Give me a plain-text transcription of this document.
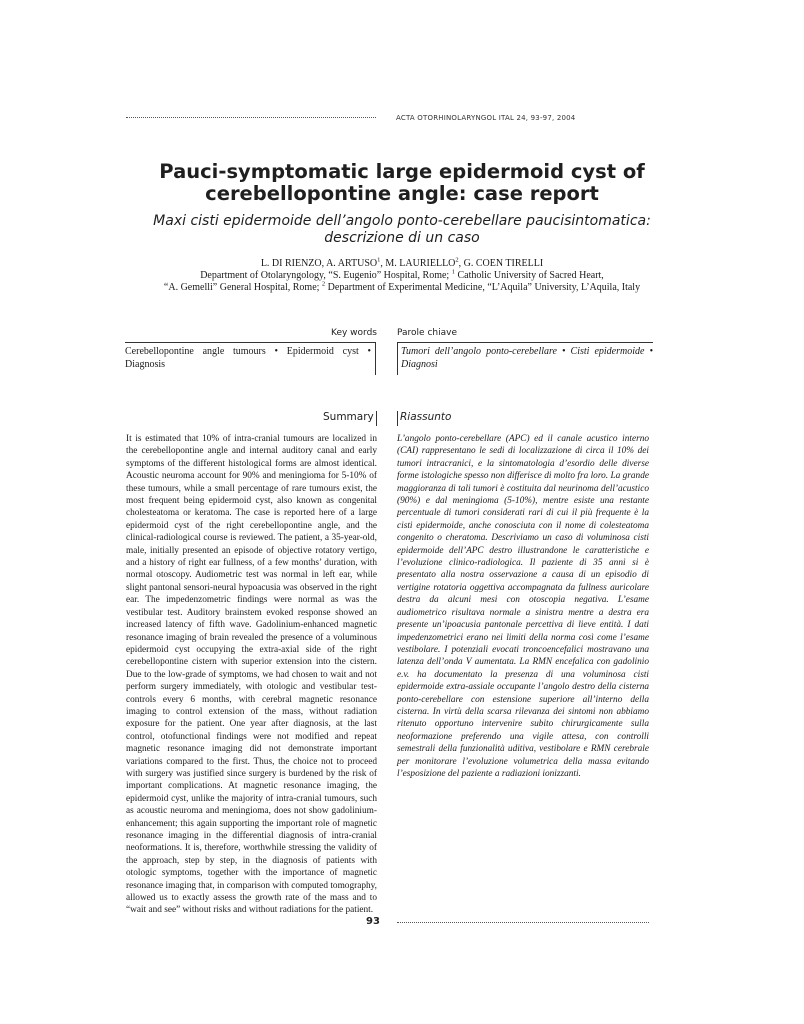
ACTA OTORHINOLARYNGOL ITAL 24, 93-97, 2004
Pauci-symptomatic large epidermoid cyst of
cerebellopontine angle: case report
Maxi cisti epidermoide dell’angolo ponto-cerebellare paucisintomatica:
descrizione di un caso
L. DI RIENZO, A. ARTUSO$^1$, M. LAURIELLO$^2$, G. COEN TIRELLI
Department of Otolaryngology, “S. Eugenio” Hospital, Rome; $^1$ Catholic University of Sacred Heart,
“A. Gemelli” General Hospital, Rome; $^2$ Department of Experimental Medicine, “L’Aquila” University, L’Aquila, Italy
Key words Parole chiave
Cerebellopontine angle tumours • Epidermoid cyst • Diagnosis
Tumori dell’angolo ponto-cerebellare • Cisti epidermoide • Diagnosi
Summary	Riassunto

It is estimated that 10% of intra-cranial tumours are localized in the cerebellopontine angle and internal auditory canal and early symptoms of the different histological forms are almost identical. Acoustic neuroma account for 90% and meningioma for 5-10% of these tumours, while a small percentage of rare tumours exist, the most frequent being epidermoid cyst, also known as congenital cholesteatoma or keratoma. The case is reported here of a large epidermoid cyst of the right cerebellopontine angle, and the clinical-radiological course is reviewed. The patient, a 35-year-old, male, initially presented an episode of objective rotatory vertigo, and a history of right ear fullness, of a few months’ duration, with normal otoscopy. Audiometric test was normal in left ear, while slight pantonal sensori-neural hypoacusia was observed in the right ear. The impedenzometric findings were normal as was the vestibular test. Auditory brainstem evoked response showed an increased latency of fifth wave. Gadolinium-enhanced magnetic resonance imaging of brain revealed the presence of a voluminous epidermoid cyst occupying the extra-axial side of the right cerebellopontine cistern with superior extension into the cistern. Due to the low-grade of symptoms, we had chosen to wait and not perform surgery immediately, with otologic and vestibular test-controls every 6 months, with cerebral magnetic resonance imaging to control extension of the mass, without radiation exposure for the patient. One year after diagnosis, at the last control, otofunctional findings were not modified and repeat magnetic resonance imaging did not demonstrate important variations compared to the first. Thus, the choice not to proceed with surgery was justified since surgery is burdened by the risk of important complications. At magnetic resonance imaging, the epidermoid cyst, unlike the majority of intra-cranial tumours, such as acoustic neuroma and meningioma, does not show gadolinium-enhancement; this again supporting the important role of magnetic resonance imaging in the differential diagnosis of intra-cranial neoformations. It is, therefore, worthwhile stressing the validity of the approach, step by step, in the diagnosis of patients with otologic symptoms, together with the importance of magnetic resonance imaging that, in comparison with computed tomography, allowed us to exactly assess the growth rate of the mass and to “wait and see” without risks and without radiations for the patient.

L’angolo ponto-cerebellare (APC) ed il canale acustico interno (CAI) rappresentano le sedi di localizzazione di circa il 10% dei tumori intracranici, e la sintomatologia d’esordio delle diverse forme istologiche spesso non differisce di molto fra loro. La grande maggioranza di tali tumori è costituita dal neurinoma dell’acustico (90%) e dal meningioma (5-10%), mentre esiste una restante percentuale di tumori considerati rari di cui il più frequente è la cisti epidermoide, anche conosciuta con il nome di colesteatoma congenito o cheratoma. Descriviamo un caso di voluminosa cisti epidermoide dell’APC destro illustrandone le caratteristiche e l’evoluzione clinico-radiologica. Il paziente di 35 anni si è presentato alla nostra osservazione a causa di un episodio di vertigine rotatoria oggettiva accompagnata da fullness auricolare destra da alcuni mesi con otoscopia negativa. L’esame audiometrico risultava normale a sinistra mentre a destra era presente un’ipoacusia pantonale percettiva di lieve entità. I dati impedenzometrici erano nei limiti della norma così come l’esame vestibolare. I potenziali evocati troncoencefalici mostravano una latenza dell’onda V aumentata. La RMN encefalica con gadolinio e.v. ha documentato la presenza di una voluminosa cisti epidermoide extra-assiale occupante l’angolo destro della cisterna ponto-cerebellare con estensione superiore all’interno della cisterna. In virtù della scarsa rilevanza dei sintomi non abbiamo ritenuto opportuno intervenire subito chirurgicamente sulla neoformazione preferendo una vigile attesa, con controlli semestrali della funzionalità uditiva, vestibolare e RMN cerebrale per monitorare l’evoluzione volumetrica della massa evitando l’esposizione del paziente a radiazioni ionizzanti.

93
